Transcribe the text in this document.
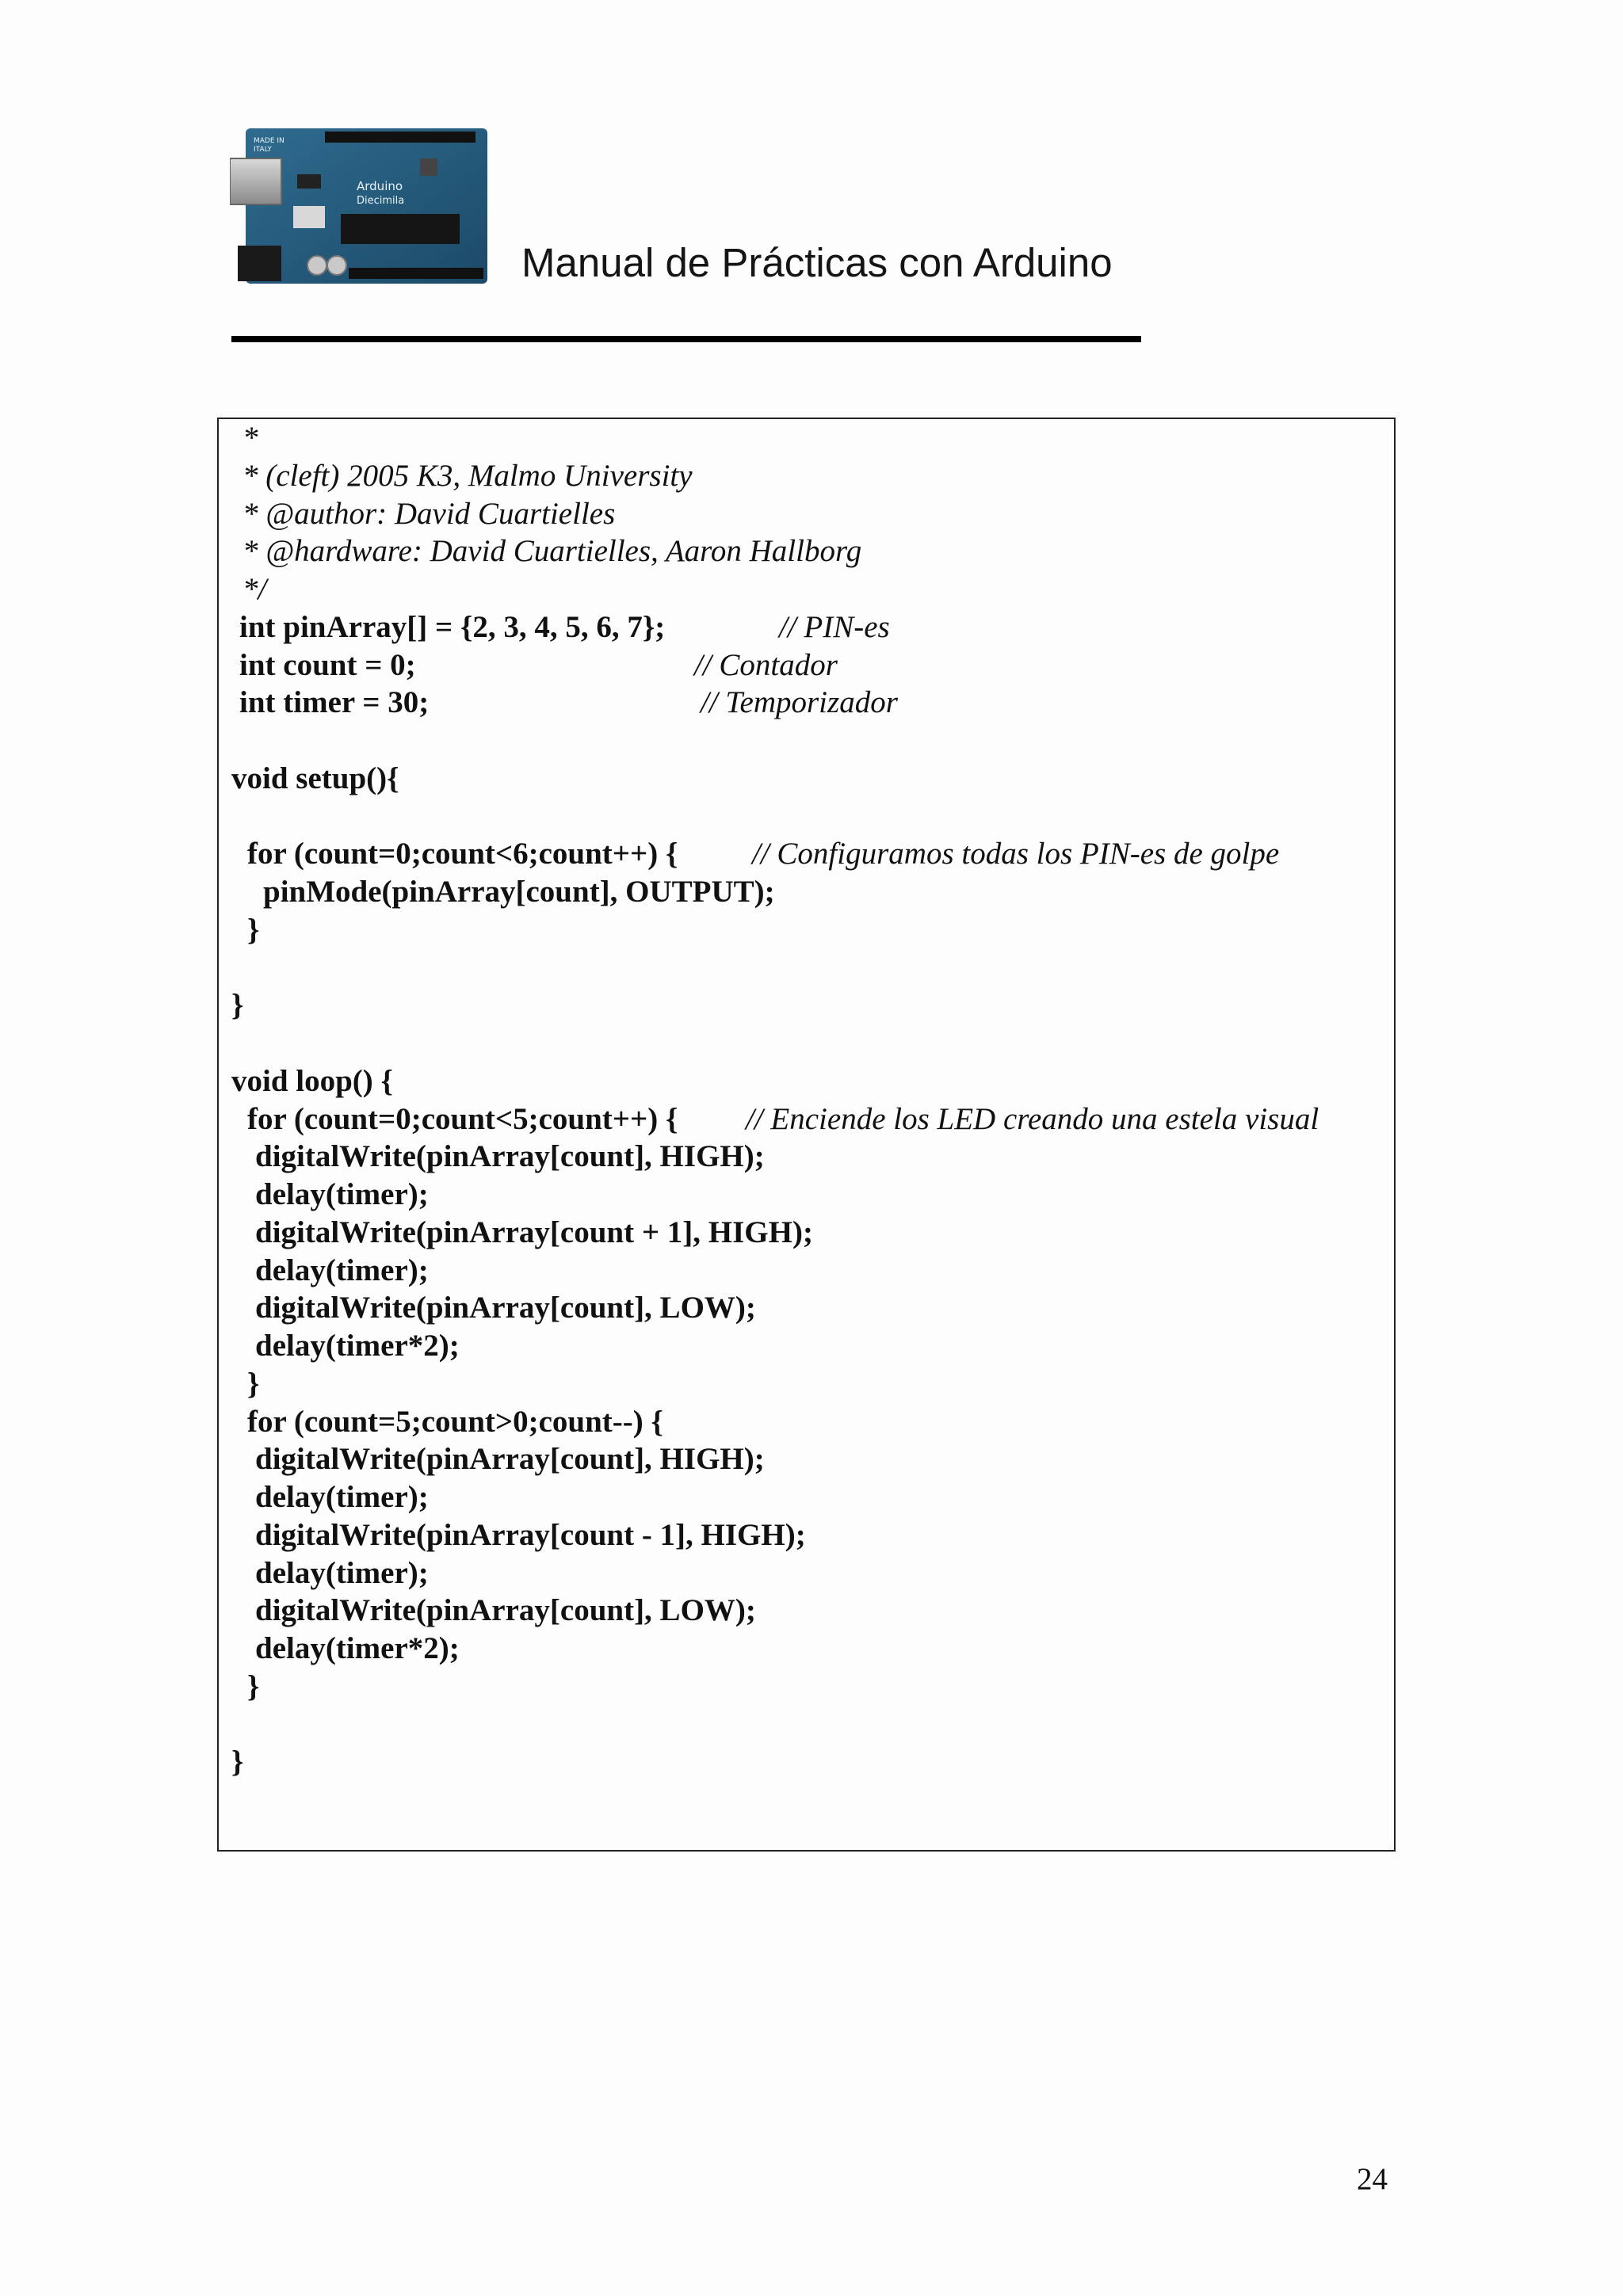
Arduino
Diecimila
MADE IN
ITALY
Manual de Prácticas con Arduino
*
* (cleft) 2005 K3, Malmo University
* @author: David Cuartielles
* @hardware: David Cuartielles, Aaron Hallborg
*/
int pinArray[] = {2, 3, 4, 5, 6, 7};	// PIN-es
int count = 0;	// Contador
int timer = 30;	// Temporizador
void setup(){
for (count=0;count<6;count++) { // Configuramos todas los PIN-es de golpe
pinMode(pinArray[count], OUTPUT);
}
}
void loop() {
for (count=0;count<5;count++) { // Enciende los LED creando una estela visual
digitalWrite(pinArray[count], HIGH);
delay(timer);
digitalWrite(pinArray[count + 1], HIGH);
delay(timer);
digitalWrite(pinArray[count], LOW);
delay(timer*2);
}
for (count=5;count>0;count--) {
digitalWrite(pinArray[count], HIGH);
delay(timer);
digitalWrite(pinArray[count - 1], HIGH);
delay(timer);
digitalWrite(pinArray[count], LOW);
delay(timer*2);
}
}
24
